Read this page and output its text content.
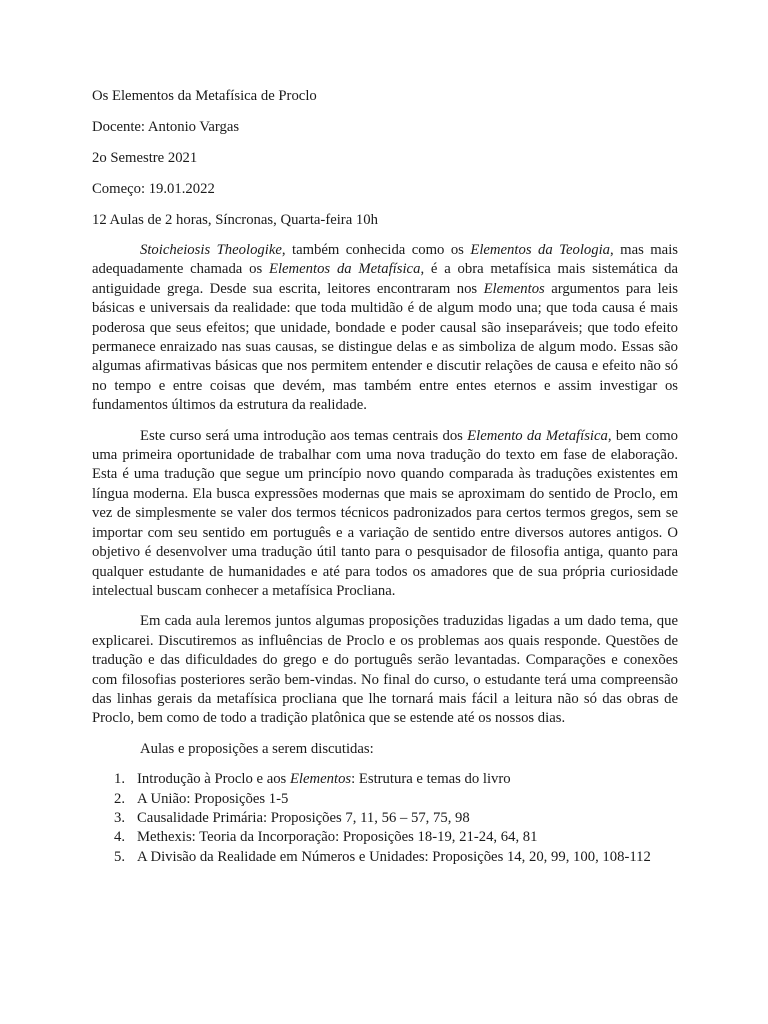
Os Elementos da Metafísica de Proclo
Docente: Antonio Vargas
2o Semestre 2021
Começo: 19.01.2022
12 Aulas de 2 horas, Síncronas, Quarta-feira 10h

Stoicheiosis Theologike, também conhecida como os Elementos da Teologia, mas mais adequadamente chamada os Elementos da Metafísica, é a obra metafísica mais sistemática da antiguidade grega. Desde sua escrita, leitores encontraram nos Elementos argumentos para leis básicas e universais da realidade: que toda multidão é de algum modo una; que toda causa é mais poderosa que seus efeitos; que unidade, bondade e poder causal são inseparáveis; que todo efeito permanece enraizado nas suas causas, se distingue delas e as simboliza de algum modo. Essas são algumas afirmativas básicas que nos permitem entender e discutir relações de causa e efeito não só no tempo e entre coisas que devém, mas também entre entes eternos e assim investigar os fundamentos últimos da estrutura da realidade.

Este curso será uma introdução aos temas centrais dos Elemento da Metafísica, bem como uma primeira oportunidade de trabalhar com uma nova tradução do texto em fase de elaboração. Esta é uma tradução que segue um princípio novo quando comparada às traduções existentes em língua moderna. Ela busca expressões modernas que mais se aproximam do sentido de Proclo, em vez de simplesmente se valer dos termos técnicos padronizados para certos termos gregos, sem se importar com seu sentido em português e a variação de sentido entre diversos autores antigos. O objetivo é desenvolver uma tradução útil tanto para o pesquisador de filosofia antiga, quanto para qualquer estudante de humanidades e até para todos os amadores que de sua própria curiosidade intelectual buscam conhecer a metafísica Procliana.

Em cada aula leremos juntos algumas proposições traduzidas ligadas a um dado tema, que explicarei. Discutiremos as influências de Proclo e os problemas aos quais responde. Questões de tradução e das dificuldades do grego e do português serão levantadas. Comparações e conexões com filosofias posteriores serão bem-vindas. No final do curso, o estudante terá uma compreensão das linhas gerais da metafísica procliana que lhe tornará mais fácil a leitura não só das obras de Proclo, bem como de todo a tradição platônica que se estende até os nossos dias.

Aulas e proposições a serem discutidas:

1. Introdução à Proclo e aos Elementos: Estrutura e temas do livro
2. A União: Proposições 1-5
3. Causalidade Primária: Proposições 7, 11, 56 – 57, 75, 98
4. Methexis: Teoria da Incorporação: Proposições 18-19, 21-24, 64, 81
5. A Divisão da Realidade em Números e Unidades: Proposições 14, 20, 99, 100, 108-112
